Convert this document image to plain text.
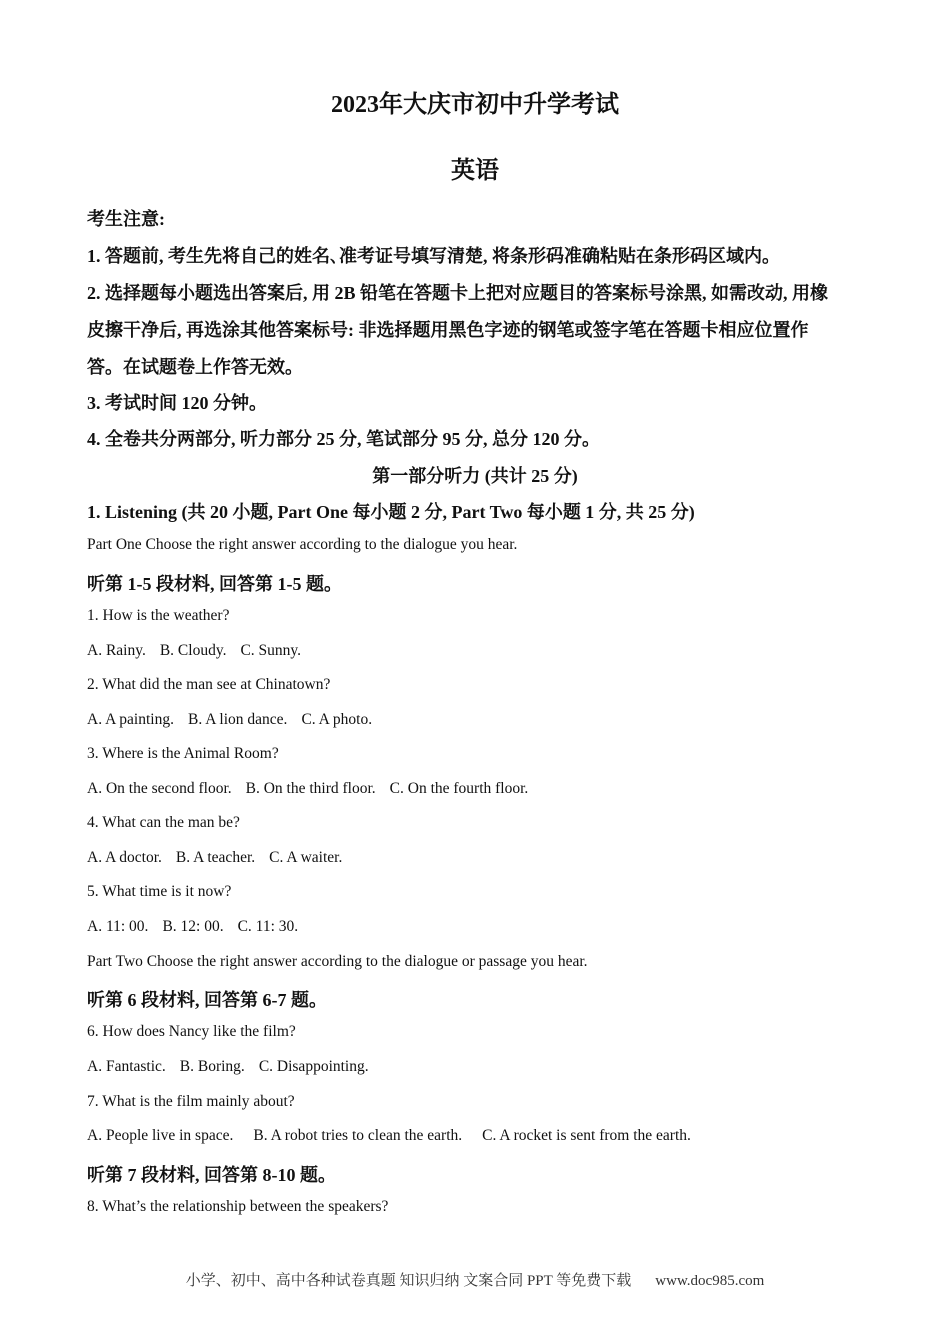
2023年大庆市初中升学考试
英语
考生注意:
1. 答题前, 考生先将自己的姓名､准考证号填写清楚, 将条形码准确粘贴在条形码区域内。
2. 选择题每小题选出答案后, 用 2B 铅笔在答题卡上把对应题目的答案标号涂黑, 如需改动, 用橡
皮擦干净后, 再选涂其他答案标号: 非选择题用黑色字迹的钢笔或签字笔在答题卡相应位置作
答。在试题卷上作答无效。
3. 考试时间 120 分钟。
4. 全卷共分两部分, 听力部分 25 分, 笔试部分 95 分, 总分 120 分。
第一部分听力 (共计 25 分)
1. Listening (共 20 小题, Part One 每小题 2 分, Part Two 每小题 1 分, 共 25 分)
Part One Choose the right answer according to the dialogue you hear.
听第 1-5 段材料, 回答第 1-5 题。
1. How is the weather?
A. Rainy. B. Cloudy. C. Sunny.
2. What did the man see at Chinatown?
A. A painting. B. A lion dance. C. A photo.
3. Where is the Animal Room?
A. On the second floor. B. On the third floor. C. On the fourth floor.
4. What can the man be?
A. A doctor. B. A teacher. C. A waiter.
5. What time is it now?
A. 11: 00. B. 12: 00. C. 11: 30.
Part Two Choose the right answer according to the dialogue or passage you hear.
听第 6 段材料, 回答第 6-7 题。
6. How does Nancy like the film?
A. Fantastic. B. Boring. C. Disappointing.
7. What is the film mainly about?
A. People live in space. B. A robot tries to clean the earth. C. A rocket is sent from the earth.
听第 7 段材料, 回答第 8-10 题。
8. What’s the relationship between the speakers?
小学、初中、高中各种试卷真题 知识归纳 文案合同 PPT 等免费下载 www.doc985.com
